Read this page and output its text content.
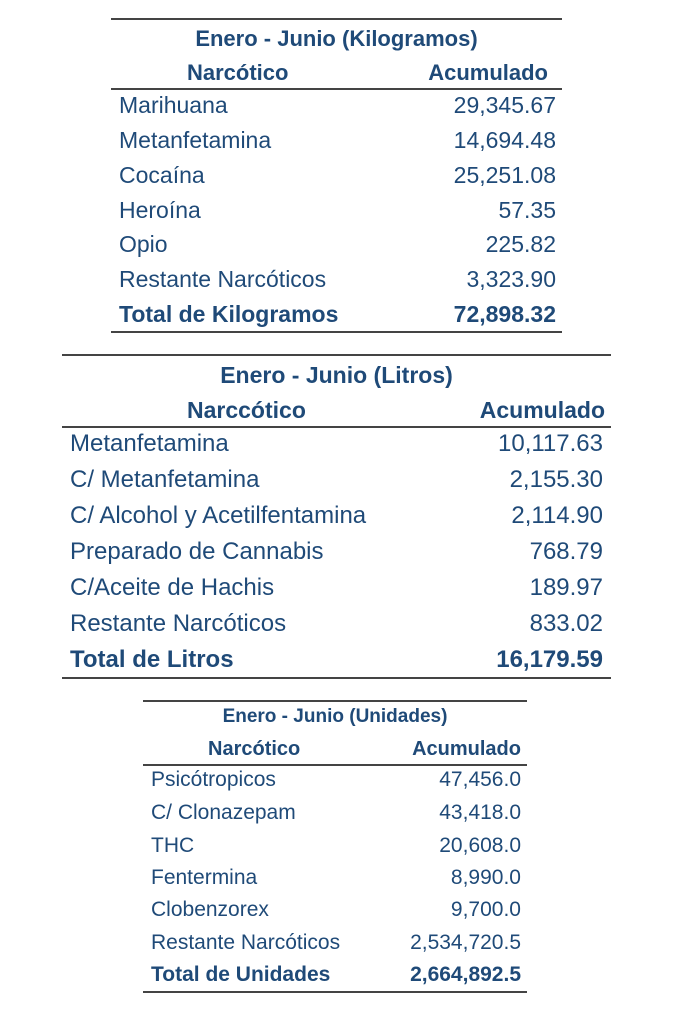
Enero - Junio (Kilogramos)
Narcótico	Acumulado
Marihuana	29,345.67
Metanfetamina	14,694.48
Cocaína	25,251.08
Heroína	57.35
Opio	225.82
Restante Narcóticos	3,323.90
Total de Kilogramos	72,898.32
Enero - Junio (Litros)
Narccótico	Acumulado
Metanfetamina	10,117.63
C/ Metanfetamina	2,155.30
C/ Alcohol y Acetilfentamina	2,114.90
Preparado de Cannabis	768.79
C/Aceite de Hachis	189.97
Restante Narcóticos	833.02
Total de Litros	16,179.59
Enero - Junio (Unidades)
Narcótico	Acumulado
Psicótropicos	47,456.0
C/ Clonazepam	43,418.0
THC	20,608.0
Fentermina	8,990.0
Clobenzorex	9,700.0
Restante Narcóticos	2,534,720.5
Total de Unidades	2,664,892.5
